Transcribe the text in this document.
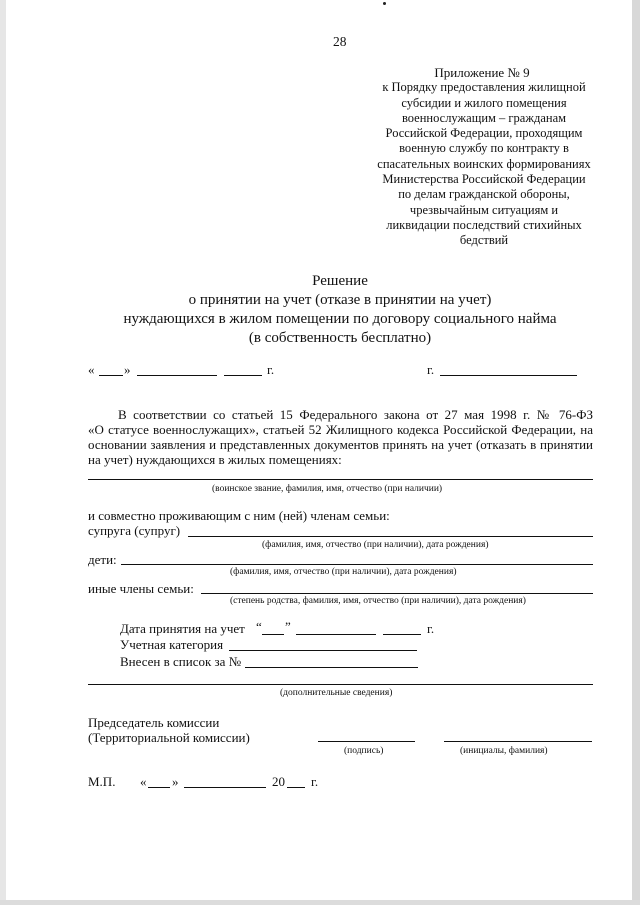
28
Приложение № 9
к Порядку предоставления жилищной
субсидии и жилого помещения
военнослужащим – гражданам
Российской Федерации, проходящим
военную службу по контракту в
спасательных воинских формированиях
Министерства Российской Федерации
по делам гражданской обороны,
чрезвычайным ситуациям и
ликвидации последствий стихийных
бедствий
Решение
о принятии на учет (отказе в принятии на учет)
нуждающихся в жилом помещении по договору социального найма
(в собственность бесплатно)
« »	г.	г.
В соответствии со статьей 15 Федерального закона от 27 мая 1998 г. № 76-ФЗ
«О статусе военнослужащих», статьей 52 Жилищного кодекса Российской Федерации, на
основании заявления и представленных документов принять на учет (отказать в принятии
на учет) нуждающихся в жилых помещениях:
(воинское звание, фамилия, имя, отчество (при наличии)
и совместно проживающим с ним (ней) членам семьи:
супруга (супруг)
(фамилия, имя, отчество (при наличии), дата рождения)
дети:
(фамилия, имя, отчество (при наличии), дата рождения)
иные члены семьи:
(степень родства, фамилия, имя, отчество (при наличии), дата рождения)
Дата принятия на учет “ ”	г.
Учетная категория
Внесен в список за №
(дополнительные сведения)
Председатель комиссии
(Территориальной комиссии)
(подпись)	(инициалы, фамилия)
М.П. « »	20 г.
